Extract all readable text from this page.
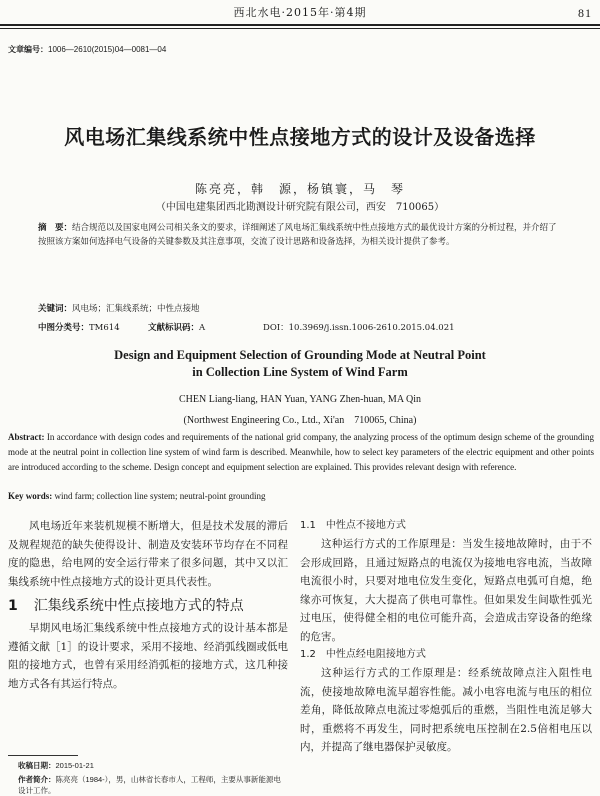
西北水电·2015年·第4期	81
文章编号：1006—2610(2015)04—0081—04
风电场汇集线系统中性点接地方式的设计及设备选择
陈亮亮，韩　源，杨镇寰，马　琴
（中国电建集团西北勘测设计研究院有限公司，西安　710065）
摘　要：结合规范以及国家电网公司相关条文的要求，详细阐述了风电场汇集线系统中性点接地方式的最优设计方案的分析过程，并介绍了按照该方案如何选择电气设备的关键参数及其注意事项，交流了设计思路和设备选择，为相关设计提供了参考。
关键词：风电场；汇集线系统；中性点接地
中图分类号：TM614	文献标识码：A	DOI：10.3969/j.issn.1006-2610.2015.04.021
Design and Equipment Selection of Grounding Mode at Neutral Point
in Collection Line System of Wind Farm
CHEN Liang-liang, HAN Yuan, YANG Zhen-huan, MA Qin
(Northwest Engineering Co., Ltd., Xi'an　710065, China)
Abstract: In accordance with design codes and requirements of the national grid company, the analyzing process of the optimum design scheme of the grounding mode at the neutral point in collection line system of wind farm is described. Meanwhile, how to select key parameters of the electric equipment and other points are introduced according to the scheme. Design concept and equipment selection are explained. This provides relevant design with reference.
Key words: wind farm; collection line system; neutral-point grounding

风电场近年来装机规模不断增大，但是技术发展的滞后及规程规范的缺失使得设计、制造及安装环节均存在不同程度的隐患，给电网的安全运行带来了很多问题，其中又以汇集线系统中性点接地方式的设计更具代表性。

1 汇集线系统中性点接地方式的特点

早期风电场汇集线系统中性点接地方式的设计基本都是遵循文献［1］的设计要求，采用不接地、经消弧线圈或低电阻的接地方式，也曾有采用经消弧柜的接地方式，这几种接地方式各有其运行特点。

1.1 中性点不接地方式

这种运行方式的工作原理是：当发生接地故障时，由于不会形成回路，且通过短路点的电流仅为接地电容电流，当故障电流很小时，只要对地电位发生变化，短路点电弧可自熄，绝缘亦可恢复，大大提高了供电可靠性。但如果发生间歇性弧光过电压，使得健全相的电位可能升高，会造成击穿设备的绝缘的危害。

1.2 中性点经电阻接地方式

这种运行方式的工作原理是：经系统故障点注入阻性电流，使接地故障电流早超容性能。减小电容电流与电压的相位差角，降低故障点电流过零熄弧后的重燃，当阻性电流足够大时，重燃将不再发生，同时把系统电压控制在2.5倍相电压以内，并提高了继电器保护灵敏度。

收稿日期：2015-01-21
作者简介：陈亮亮（1984-），男，山林省长春市人，工程师，主要从事新能源电设计工作。
